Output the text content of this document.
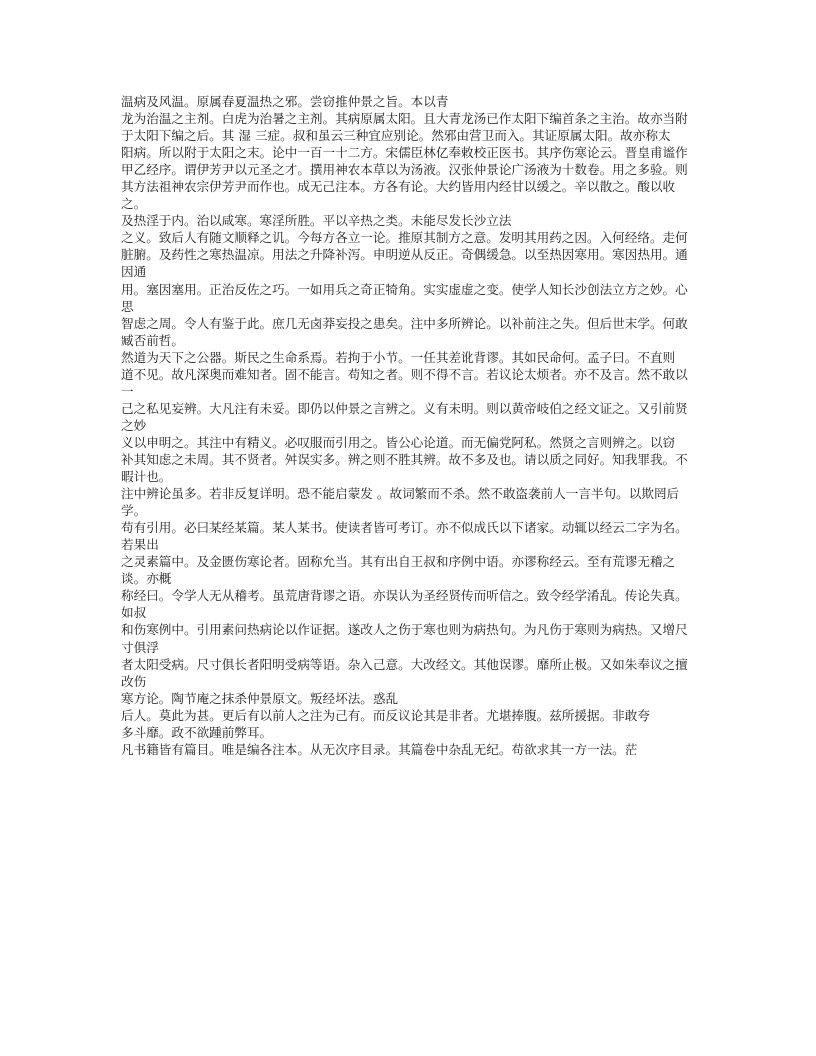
温病及风温。原属春夏温热之邪。尝窃推仲景之旨。本以青

龙为治温之主剂。白虎为治暑之主剂。其病原属太阳。且大青龙汤已作太阳下编首条之主治。故亦当附

于太阳下编之后。其 湿 三症。叔和虽云三种宜应别论。然邪由营卫而入。其证原属太阳。故亦称太

阳病。所以附于太阳之末。论中一百一十二方。宋儒臣林亿奉敕校正医书。其序伤寒论云。晋皇甫谧作

甲乙经序。谓伊芳尹以元圣之才。撰用神农本草以为汤液。汉张仲景论广汤液为十数卷。用之多验。则

其方法祖神农宗伊芳尹而作也。成无己注本。方各有论。大约皆用内经甘以缓之。辛以散之。酸以收之。

及热淫于内。治以咸寒。寒淫所胜。平以辛热之类。未能尽发长沙立法

之义。致后人有随文顺释之讥。今每方各立一论。推原其制方之意。发明其用药之因。入何经络。走何

脏腑。及药性之寒热温凉。用法之升降补泻。申明逆从反正。奇偶缓急。以至热因寒用。寒因热用。通因通

用。塞因塞用。正治反佐之巧。一如用兵之奇正犄角。实实虚虚之变。使学人知长沙创法立方之妙。心思

智虑之周。令人有鉴于此。庶几无卤莽妄投之患矣。注中多所辨论。以补前注之失。但后世末学。何敢臧否前哲。

然道为天下之公器。斯民之生命系焉。若拘于小节。一任其差讹背谬。其如民命何。孟子曰。不直则

道不见。故凡深奥而难知者。固不能言。苟知之者。则不得不言。若议论太烦者。亦不及言。然不敢以一

己之私见妄辨。大凡注有未妥。即仍以仲景之言辨之。义有未明。则以黄帝岐伯之经文证之。又引前贤之妙

义以申明之。其注中有精义。必叹服而引用之。皆公心论道。而无偏党阿私。然贤之言则辨之。以窃

补其知虑之未周。其不贤者。舛误实多。辨之则不胜其辨。故不多及也。请以质之同好。知我罪我。不暇计也。

注中辨论虽多。若非反复详明。恐不能启蒙发 。故词繁而不杀。然不敢盗袭前人一言半句。以欺罔后学。

苟有引用。必曰某经某篇。某人某书。使读者皆可考订。亦不似成氏以下诸家。动辄以经云二字为名。若果出

之灵素篇中。及金匮伤寒论者。固称允当。其有出自王叔和序例中语。亦谬称经云。至有荒谬无稽之谈。亦概

称经曰。令学人无从稽考。虽荒唐背谬之语。亦误认为圣经贤传而听信之。致令经学淆乱。传论失真。如叔

和伤寒例中。引用素问热病论以作证据。遂改人之伤于寒也则为病热句。为凡伤于寒则为病热。又增尺寸俱浮

者太阳受病。尺寸俱长者阳明受病等语。杂入己意。大改经文。其他误谬。靡所止极。又如朱奉议之擅改伤

寒方论。陶节庵之抹杀仲景原文。叛经坏法。惑乱

后人。莫此为甚。更后有以前人之注为己有。而反议论其是非者。尤堪捧腹。兹所援据。非敢夸

多斗靡。政不欲踵前弊耳。

凡书籍皆有篇目。唯是编各注本。从无次序目录。其篇卷中杂乱无纪。苟欲求其一方一法。茫
